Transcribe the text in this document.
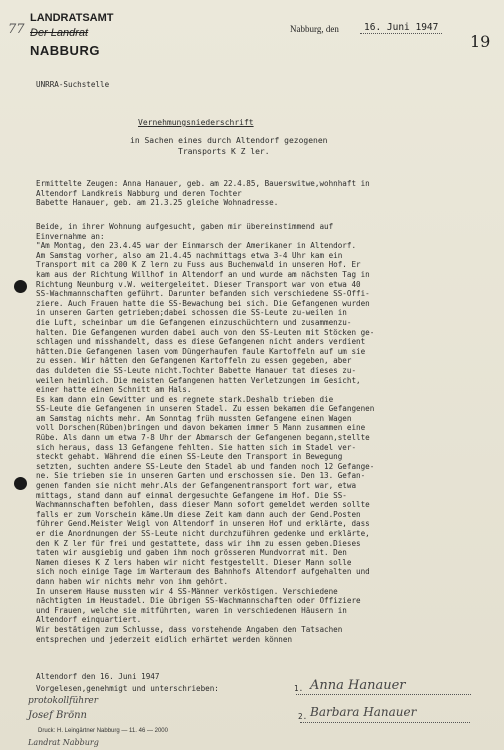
77
LANDRATSAMT
Der Landrat
NABBURG
Nabburg, den	16. Juni 1947
19
UNRRA-Suchstelle
Vernehmungsniederschrift
in Sachen eines durch Altendorf gezogenen
Transports K Z ler.
Ermittelte Zeugen: Anna Hanauer, geb. am 22.4.85, Bauerswitwe,wohnhaft in
Altendorf Landkreis Nabburg und deren Tochter
Babette Hanauer, geb. am 21.3.25 gleiche Wohnadresse.
Beide, in ihrer Wohnung aufgesucht, gaben mir übereinstimmend auf
Einvernahme an:
"Am Montag, den 23.4.45 war der Einmarsch der Amerikaner in Altendorf.
Am Samstag vorher, also am 21.4.45 nachmittags etwa 3-4 Uhr kam ein
Transport mit ca 200 K Z lern zu Fuss aus Buchenwald in unseren Hof. Er
kam aus der Richtung Willhof in Altendorf an und wurde am nächsten Tag in
Richtung Neunburg v.W. weitergeleitet. Dieser Transport war von etwa 40
SS-Wachmannschaften geführt. Darunter befanden sich verschiedene SS-Offi-
ziere. Auch Frauen hatte die SS-Bewachung bei sich. Die Gefangenen wurden
in unseren Garten getrieben;dabei schossen die SS-Leute zu-weilen in
die Luft, scheinbar um die Gefangenen einzuschüchtern und zusammenzu-
halten. Die Gefangenen wurden dabei auch von den SS-Leuten mit Stöcken ge-
schlagen und misshandelt, dass es diese Gefangenen nicht anders verdient
hätten.Die Gefangenen lasen vom Düngerhaufen faule Kartoffeln auf um sie
zu essen. Wir hätten den Gefangenen Kartoffeln zu essen gegeben, aber
das duldeten die SS-Leute nicht.Tochter Babette Hanauer tat dieses zu-
weilen heimlich. Die meisten Gefangenen hatten Verletzungen im Gesicht,
einer hatte einen Schnitt am Hals.
Es kam dann ein Gewitter und es regnete stark.Deshalb trieben die
SS-Leute die Gefangenen in unseren Stadel. Zu essen bekamen die Gefangenen
am Samstag nichts mehr. Am Sonntag früh mussten Gefangene einen Wagen
voll Dorschen(Rüben)bringen und davon bekamen immer 5 Mann zusammen eine
Rübe. Als dann um etwa 7-8 Uhr der Abmarsch der Gefangenen begann,stellte
sich heraus, dass 13 Gefangene fehlten. Sie hatten sich im Stadel ver-
steckt gehabt. Während die einen SS-Leute den Transport in Bewegung
setzten, suchten andere SS-Leute den Stadel ab und fanden noch 12 Gefange-
ne. Sie trieben sie in unseren Garten und erschossen sie. Den 13. Gefan-
genen fanden sie nicht mehr.Als der Gefangenentransport fort war, etwa
mittags, stand dann auf einmal dergesuchte Gefangene im Hof. Die SS-
Wachmannschaften befohlen, dass dieser Mann sofort gemeldet werden sollte
falls er zum Vorschein käme.Um diese Zeit kam dann auch der Gend.Posten
führer Gend.Meister Weigl von Altendorf in unseren Hof und erklärte, dass
er die Anordnungen der SS-Leute nicht durchzuführen gedenke und erklärte,
den K Z ler für frei und gestattete, dass wir ihm zu essen geben.Dieses
taten wir ausgiebig und gaben ihm noch grösseren Mundvorrat mit. Den
Namen dieses K Z lers haben wir nicht festgestellt. Dieser Mann solle
sich noch einige Tage im Warteraum des Bahnhofs Altendorf aufgehalten und
dann haben wir nichts mehr von ihm gehört.
In unserem Hause mussten wir 4 SS-Männer verköstigen. Verschiedene
nächtigten im Heustadel. Die übrigen SS-Wachmannschaften oder Offiziere
und Frauen, welche sie mitführten, waren in verschiedenen Häusern in
Altendorf einquartiert.
Wir bestätigen zum Schlusse, dass vorstehende Angaben den Tatsachen
entsprechen und jederzeit eidlich erhärtet werden können
Altendorf den 16. Juni 1947
Vorgelesen,genehmigt und unterschrieben:	1. Anna Hanauer
2. Barbara Hanauer
protokollführer
Josef Brönn
Druck: H. Leingärtner Nabburg — 11. 46 — 2000
Landrat Nabburg
